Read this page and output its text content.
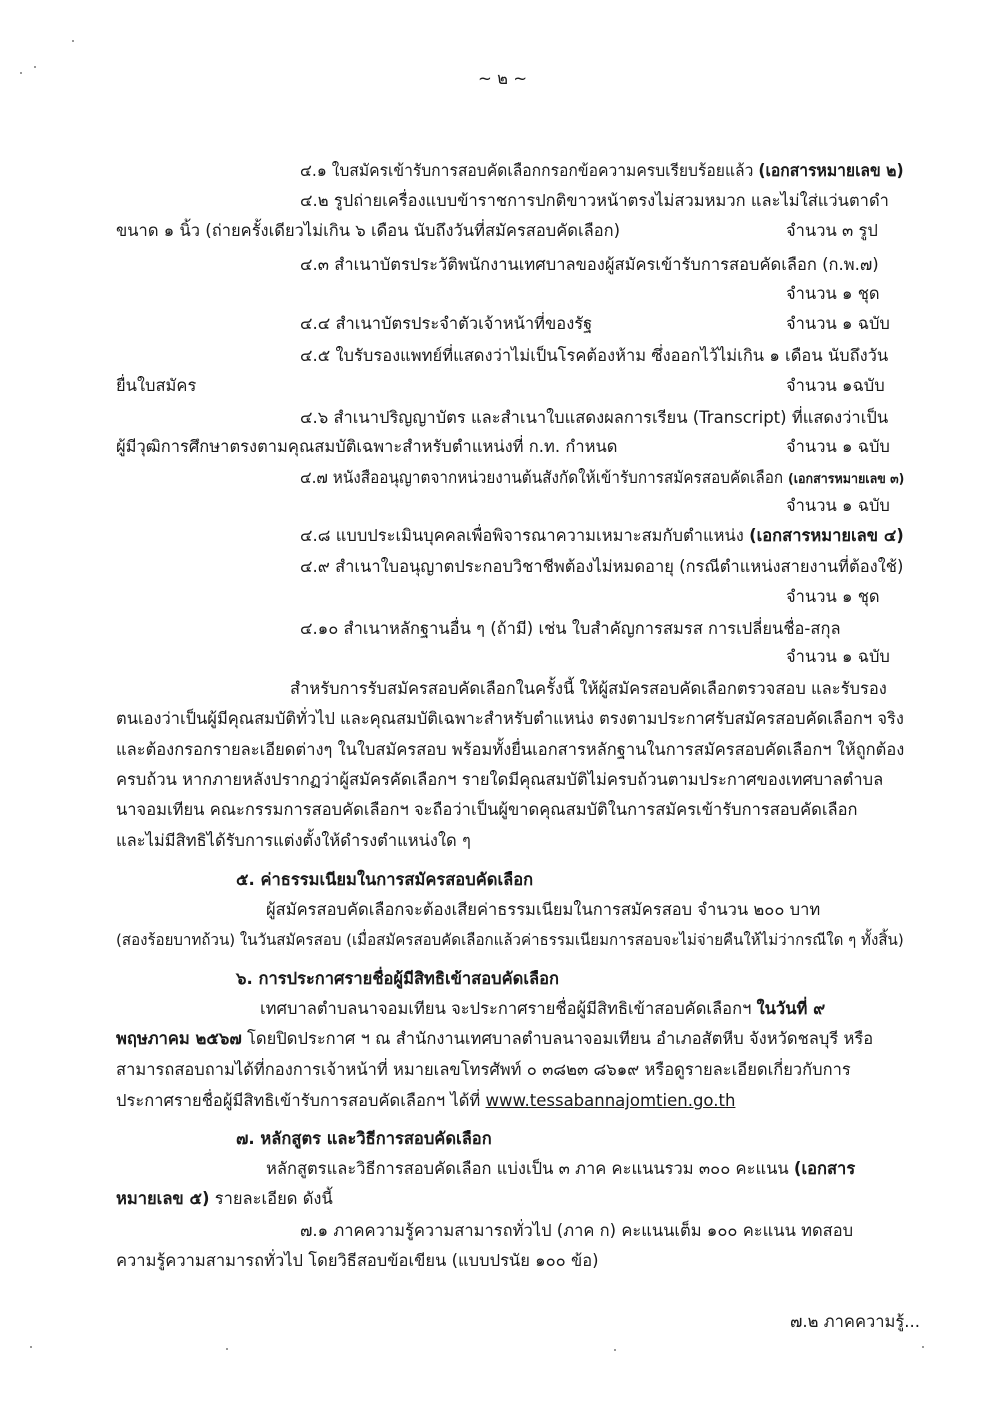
~ ๒ ~
๔.๑ ใบสมัครเข้ารับการสอบคัดเลือกกรอกข้อความครบเรียบร้อยแล้ว (เอกสารหมายเลข ๒)
๔.๒ รูปถ่ายเครื่องแบบข้าราชการปกติขาวหน้าตรงไม่สวมหมวก และไม่ใส่แว่นตาดำ
ขนาด ๑ นิ้ว (ถ่ายครั้งเดียวไม่เกิน ๖ เดือน นับถึงวันที่สมัครสอบคัดเลือก)	จำนวน ๓ รูป
๔.๓ สำเนาบัตรประวัติพนักงานเทศบาลของผู้สมัครเข้ารับการสอบคัดเลือก (ก.พ.๗)
จำนวน ๑ ชุด
๔.๔ สำเนาบัตรประจำตัวเจ้าหน้าที่ของรัฐ	จำนวน ๑ ฉบับ
๔.๕ ใบรับรองแพทย์ที่แสดงว่าไม่เป็นโรคต้องห้าม ซึ่งออกไว้ไม่เกิน ๑ เดือน นับถึงวัน
ยื่นใบสมัคร	จำนวน ๑ฉบับ
๔.๖ สำเนาปริญญาบัตร และสำเนาใบแสดงผลการเรียน (Transcript) ที่แสดงว่าเป็น
ผู้มีวุฒิการศึกษาตรงตามคุณสมบัติเฉพาะสำหรับตำแหน่งที่ ก.ท. กำหนด	จำนวน ๑ ฉบับ
๔.๗ หนังสืออนุญาตจากหน่วยงานต้นสังกัดให้เข้ารับการสมัครสอบคัดเลือก (เอกสารหมายเลข ๓)
จำนวน ๑ ฉบับ
๔.๘ แบบประเมินบุคคลเพื่อพิจารณาความเหมาะสมกับตำแหน่ง (เอกสารหมายเลข ๔)
๔.๙ สำเนาใบอนุญาตประกอบวิชาชีพต้องไม่หมดอายุ (กรณีตำแหน่งสายงานที่ต้องใช้)
จำนวน ๑ ชุด
๔.๑๐ สำเนาหลักฐานอื่น ๆ (ถ้ามี) เช่น ใบสำคัญการสมรส การเปลี่ยนชื่อ-สกุล
จำนวน ๑ ฉบับ
สำหรับการรับสมัครสอบคัดเลือกในครั้งนี้ ให้ผู้สมัครสอบคัดเลือกตรวจสอบ และรับรอง
ตนเองว่าเป็นผู้มีคุณสมบัติทั่วไป และคุณสมบัติเฉพาะสำหรับตำแหน่ง ตรงตามประกาศรับสมัครสอบคัดเลือกฯ จริง
และต้องกรอกรายละเอียดต่างๆ ในใบสมัครสอบ พร้อมทั้งยื่นเอกสารหลักฐานในการสมัครสอบคัดเลือกฯ ให้ถูกต้อง
ครบถ้วน หากภายหลังปรากฏว่าผู้สมัครคัดเลือกฯ รายใดมีคุณสมบัติไม่ครบถ้วนตามประกาศของเทศบาลตำบล
นาจอมเทียน คณะกรรมการสอบคัดเลือกฯ จะถือว่าเป็นผู้ขาดคุณสมบัติในการสมัครเข้ารับการสอบคัดเลือก
และไม่มีสิทธิได้รับการแต่งตั้งให้ดำรงตำแหน่งใด ๆ
๕. ค่าธรรมเนียมในการสมัครสอบคัดเลือก
ผู้สมัครสอบคัดเลือกจะต้องเสียค่าธรรมเนียมในการสมัครสอบ จำนวน ๒๐๐ บาท
(สองร้อยบาทถ้วน) ในวันสมัครสอบ (เมื่อสมัครสอบคัดเลือกแล้วค่าธรรมเนียมการสอบจะไม่จ่ายคืนให้ไม่ว่ากรณีใด ๆ ทั้งสิ้น)
๖. การประกาศรายชื่อผู้มีสิทธิเข้าสอบคัดเลือก
เทศบาลตำบลนาจอมเทียน จะประกาศรายชื่อผู้มีสิทธิเข้าสอบคัดเลือกฯ ในวันที่ ๙
พฤษภาคม ๒๕๖๗ โดยปิดประกาศ ฯ ณ สำนักงานเทศบาลตำบลนาจอมเทียน อำเภอสัตหีบ จังหวัดชลบุรี หรือ
สามารถสอบถามได้ที่กองการเจ้าหน้าที่ หมายเลขโทรศัพท์ ๐ ๓๘๒๓ ๘๖๑๙ หรือดูรายละเอียดเกี่ยวกับการ
ประกาศรายชื่อผู้มีสิทธิเข้ารับการสอบคัดเลือกฯ ได้ที่ www.tessabannajomtien.go.th
๗. หลักสูตร และวิธีการสอบคัดเลือก
หลักสูตรและวิธีการสอบคัดเลือก แบ่งเป็น ๓ ภาค คะแนนรวม ๓๐๐ คะแนน (เอกสาร
หมายเลข ๕) รายละเอียด ดังนี้
๗.๑ ภาคความรู้ความสามารถทั่วไป (ภาค ก) คะแนนเต็ม ๑๐๐ คะแนน ทดสอบ
ความรู้ความสามารถทั่วไป โดยวิธีสอบข้อเขียน (แบบปรนัย ๑๐๐ ข้อ)
๗.๒ ภาคความรู้...
